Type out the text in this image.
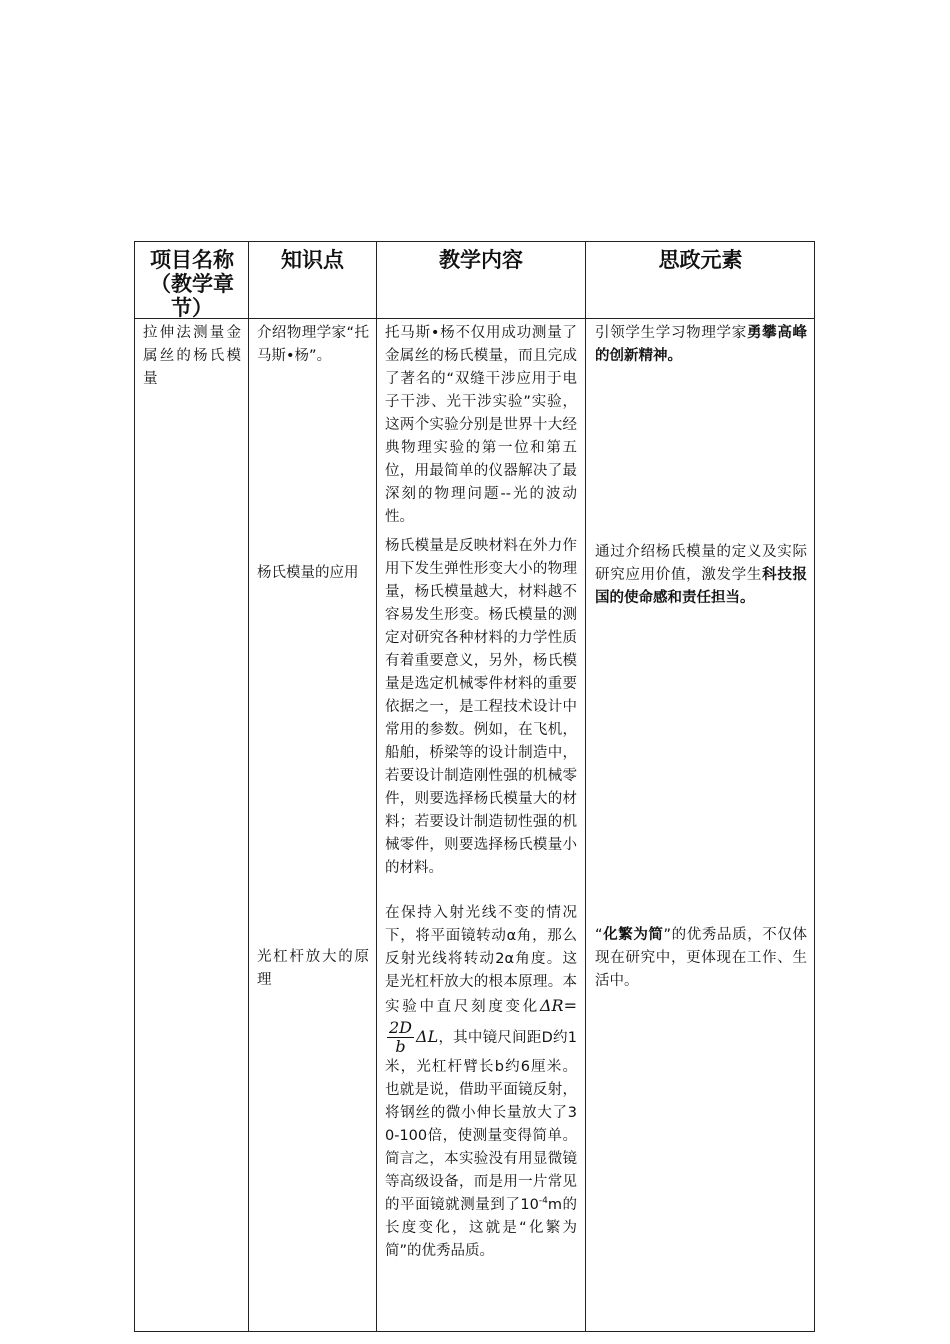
项目名称（教学章节）
知识点	教学内容	思政元素
拉伸法测量金属丝的杨氏模量
介绍物理学家“托马斯•杨”。
托马斯•杨不仅用成功测量了金属丝的杨氏模量，而且完成了著名的“双缝干涉应用于电子干涉、光干涉实验”实验，这两个实验分别是世界十大经典物理实验的第一位和第五位，用最简单的仪器解决了最深刻的物理问题--光的波动性。
引领学生学习物理学家勇攀高峰的创新精神。
杨氏模量的应用
杨氏模量是反映材料在外力作用下发生弹性形变大小的物理量，杨氏模量越大，材料越不容易发生形变。杨氏模量的测定对研究各种材料的力学性质有着重要意义，另外，杨氏模量是选定机械零件材料的重要依据之一，是工程技术设计中常用的参数。例如，在飞机，船舶，桥梁等的设计制造中，若要设计制造刚性强的机械零件，则要选择杨氏模量大的材料；若要设计制造韧性强的机械零件，则要选择杨氏模量小的材料。
通过介绍杨氏模量的定义及实际研究应用价值，激发学生科技报国的使命感和责任担当。
光杠杆放大的原理
在保持入射光线不变的情况下，将平面镜转动α角，那么反射光线将转动2α角度。这是光杠杆放大的根本原理。本实验中直尺刻度变化ΔR=
$\frac{2D}{b}$ ΔL，其中镜尺间距D约1米，光杠杆臂长b约6厘米。也就是说，借助平面镜反射，将钢丝的微小伸长量放大了30-100倍，使测量变得简单。简言之，本实验没有用显微镜等高级设备，而是用一片常见的平面镜就测量到了$10^{-4}m$的长度变化，这就是“化繁为简”的优秀品质。
“化繁为简”的优秀品质，不仅体现在研究中，更体现在工作、生活中。
